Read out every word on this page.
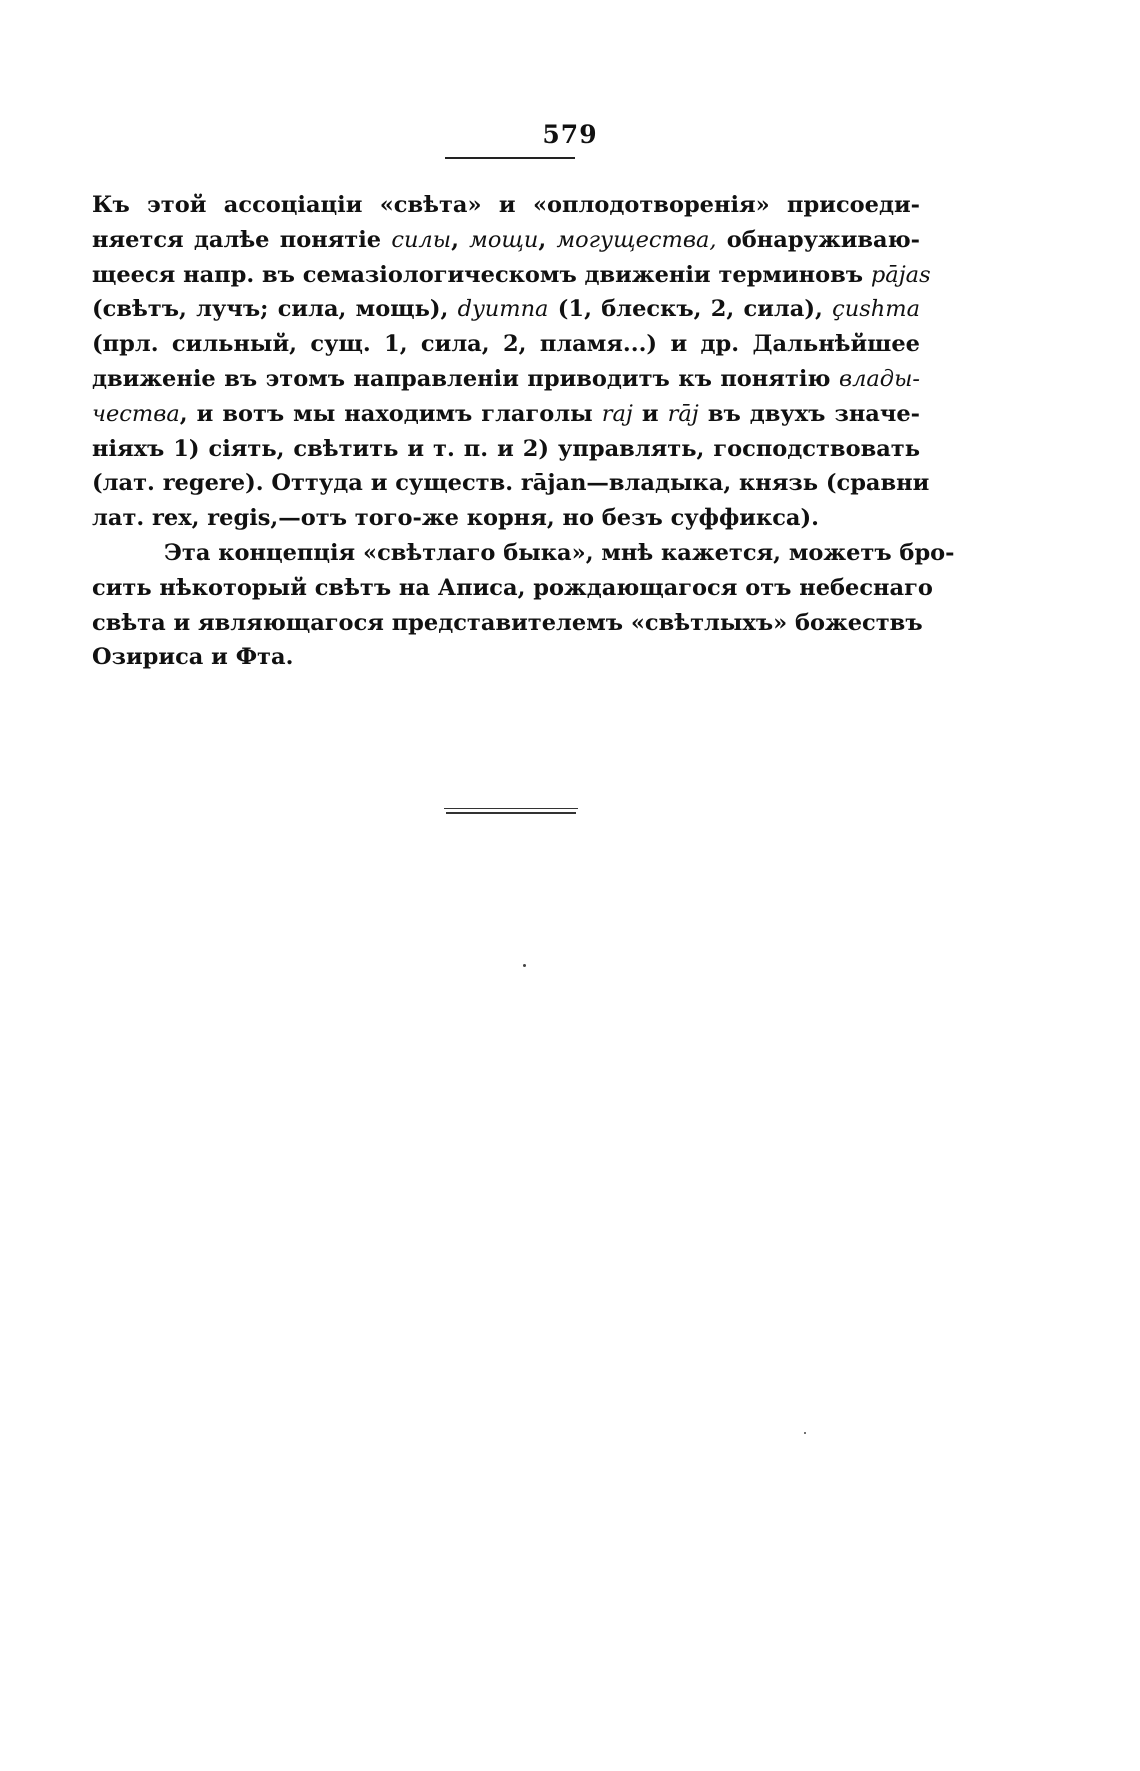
579
Къ этой ассоціаціи «свѣта» и «оплодотворенія» присоеди-
няется далѣе понятіе силы, мощи, могущества, обнаруживаю-
щееся напр. въ семазіологическомъ движеніи терминовъ pājas
(свѣтъ, лучъ; сила, мощь), dyumna (1, блескъ, 2, сила), çushma
(прл. сильный, сущ. 1, сила, 2, пламя...) и др. Дальнѣйшее
движеніе въ этомъ направленіи приводитъ къ понятію влады-
чества, и вотъ мы находимъ глаголы raj и rāj въ двухъ значе-
ніяхъ 1) сіять, свѣтить и т. п. и 2) управлять, господствовать
(лат. regere). Оттуда и существ. rājan—владыка, князь (сравни
лат. rex, regis,—отъ того-же корня, но безъ суффикса).
Эта концепція «свѣтлаго быка», мнѣ кажется, можетъ бро-
сить нѣкоторый свѣтъ на Аписа, рождающагося отъ небеснаго
свѣта и являющагося представителемъ «свѣтлыхъ» божествъ
Озириса и Фта.
